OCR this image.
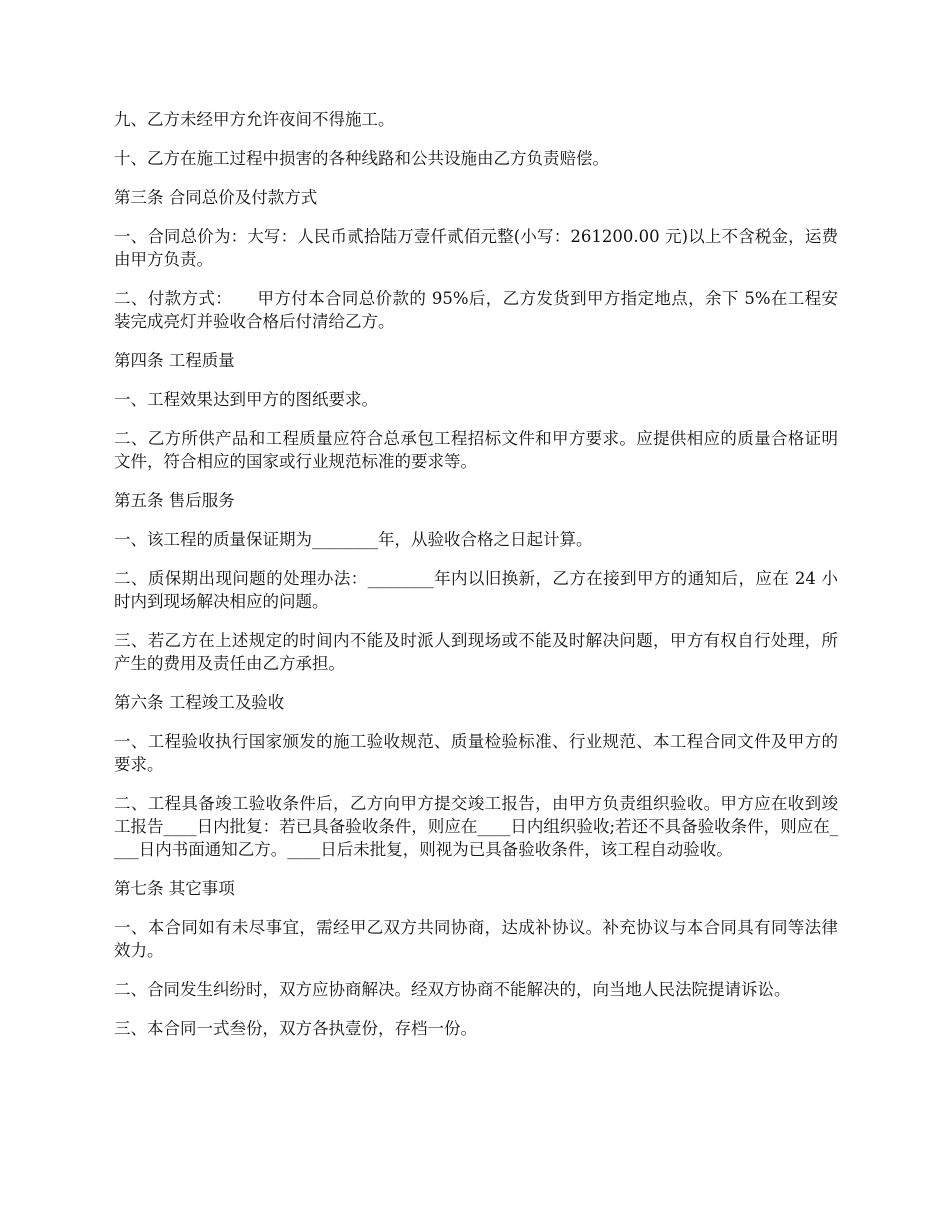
九、乙方未经甲方允许夜间不得施工。

十、乙方在施工过程中损害的各种线路和公共设施由乙方负责赔偿。

第三条 合同总价及付款方式

一、合同总价为：大写：人民币贰拾陆万壹仟贰佰元整(小写：261200.00 元)以上不含税金，运费由甲方负责。

二、付款方式：　　甲方付本合同总价款的 95%后，乙方发货到甲方指定地点，余下 5%在工程安装完成亮灯并验收合格后付清给乙方。

第四条 工程质量

一、工程效果达到甲方的图纸要求。

二、乙方所供产品和工程质量应符合总承包工程招标文件和甲方要求。应提供相应的质量合格证明文件，符合相应的国家或行业规范标准的要求等。

第五条 售后服务

一、该工程的质量保证期为________年，从验收合格之日起计算。

二、质保期出现问题的处理办法：________年内以旧换新，乙方在接到甲方的通知后，应在 24 小时内到现场解决相应的问题。

三、若乙方在上述规定的时间内不能及时派人到现场或不能及时解决问题，甲方有权自行处理，所产生的费用及责任由乙方承担。

第六条 工程竣工及验收

一、工程验收执行国家颁发的施工验收规范、质量检验标准、行业规范、本工程合同文件及甲方的要求。

二、工程具备竣工验收条件后，乙方向甲方提交竣工报告，由甲方负责组织验收。甲方应在收到竣工报告____日内批复：若已具备验收条件，则应在____日内组织验收;若还不具备验收条件，则应在____日内书面通知乙方。____日后未批复，则视为已具备验收条件，该工程自动验收。

第七条 其它事项

一、本合同如有未尽事宜，需经甲乙双方共同协商，达成补协议。补充协议与本合同具有同等法律效力。

二、合同发生纠纷时，双方应协商解决。经双方协商不能解决的，向当地人民法院提请诉讼。

三、本合同一式叁份，双方各执壹份，存档一份。
